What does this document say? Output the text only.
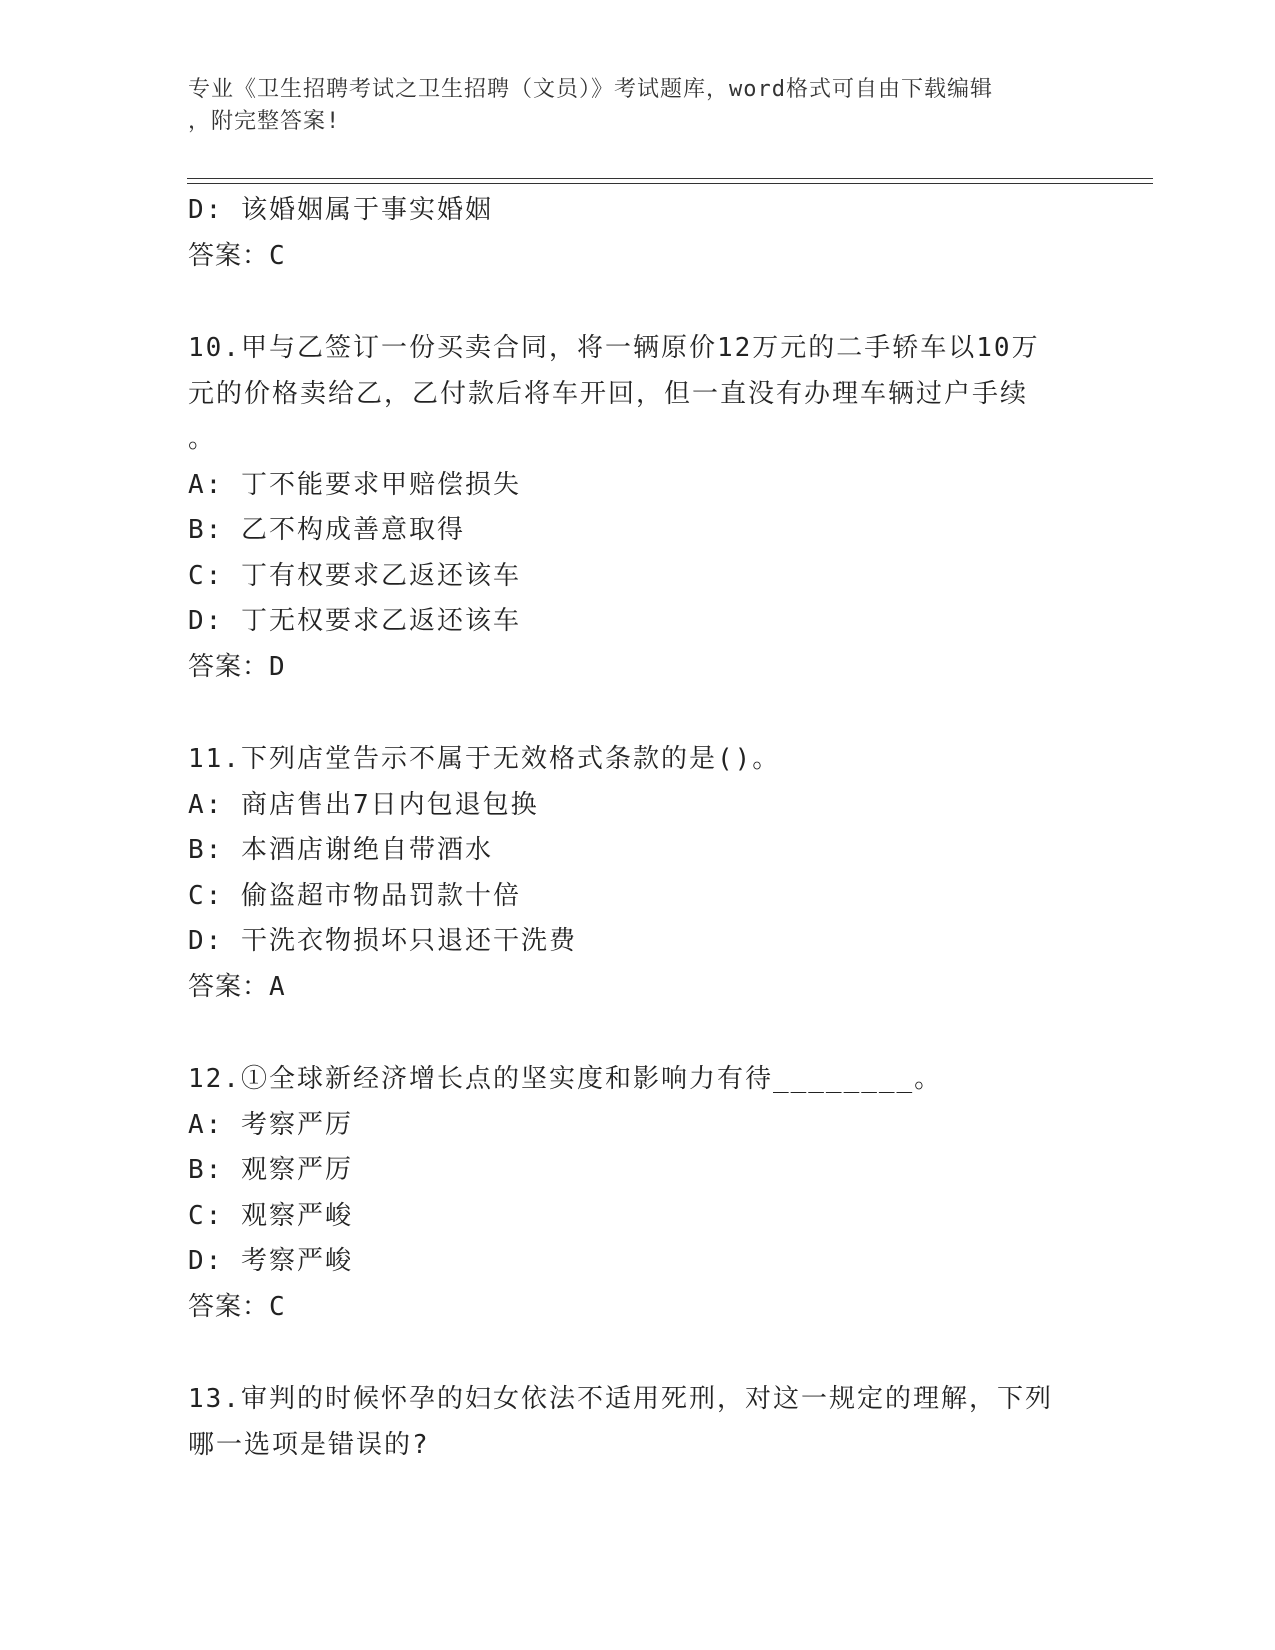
专业《卫生招聘考试之卫生招聘（文员）》考试题库，word格式可自由下载编辑
，附完整答案!
D: 该婚姻属于事实婚姻
答案：C
10.甲与乙签订一份买卖合同，将一辆原价12万元的二手轿车以10万
元的价格卖给乙，乙付款后将车开回，但一直没有办理车辆过户手续
。
A: 丁不能要求甲赔偿损失
B: 乙不构成善意取得
C: 丁有权要求乙返还该车
D: 丁无权要求乙返还该车
答案：D
11.下列店堂告示不属于无效格式条款的是()。
A: 商店售出7日内包退包换
B: 本酒店谢绝自带酒水
C: 偷盗超市物品罚款十倍
D: 干洗衣物损坏只退还干洗费
答案：A
12.①全球新经济增长点的坚实度和影响力有待________。
A: 考察严厉
B: 观察严厉
C: 观察严峻
D: 考察严峻
答案：C
13.审判的时候怀孕的妇女依法不适用死刑，对这一规定的理解，下列
哪一选项是错误的?
